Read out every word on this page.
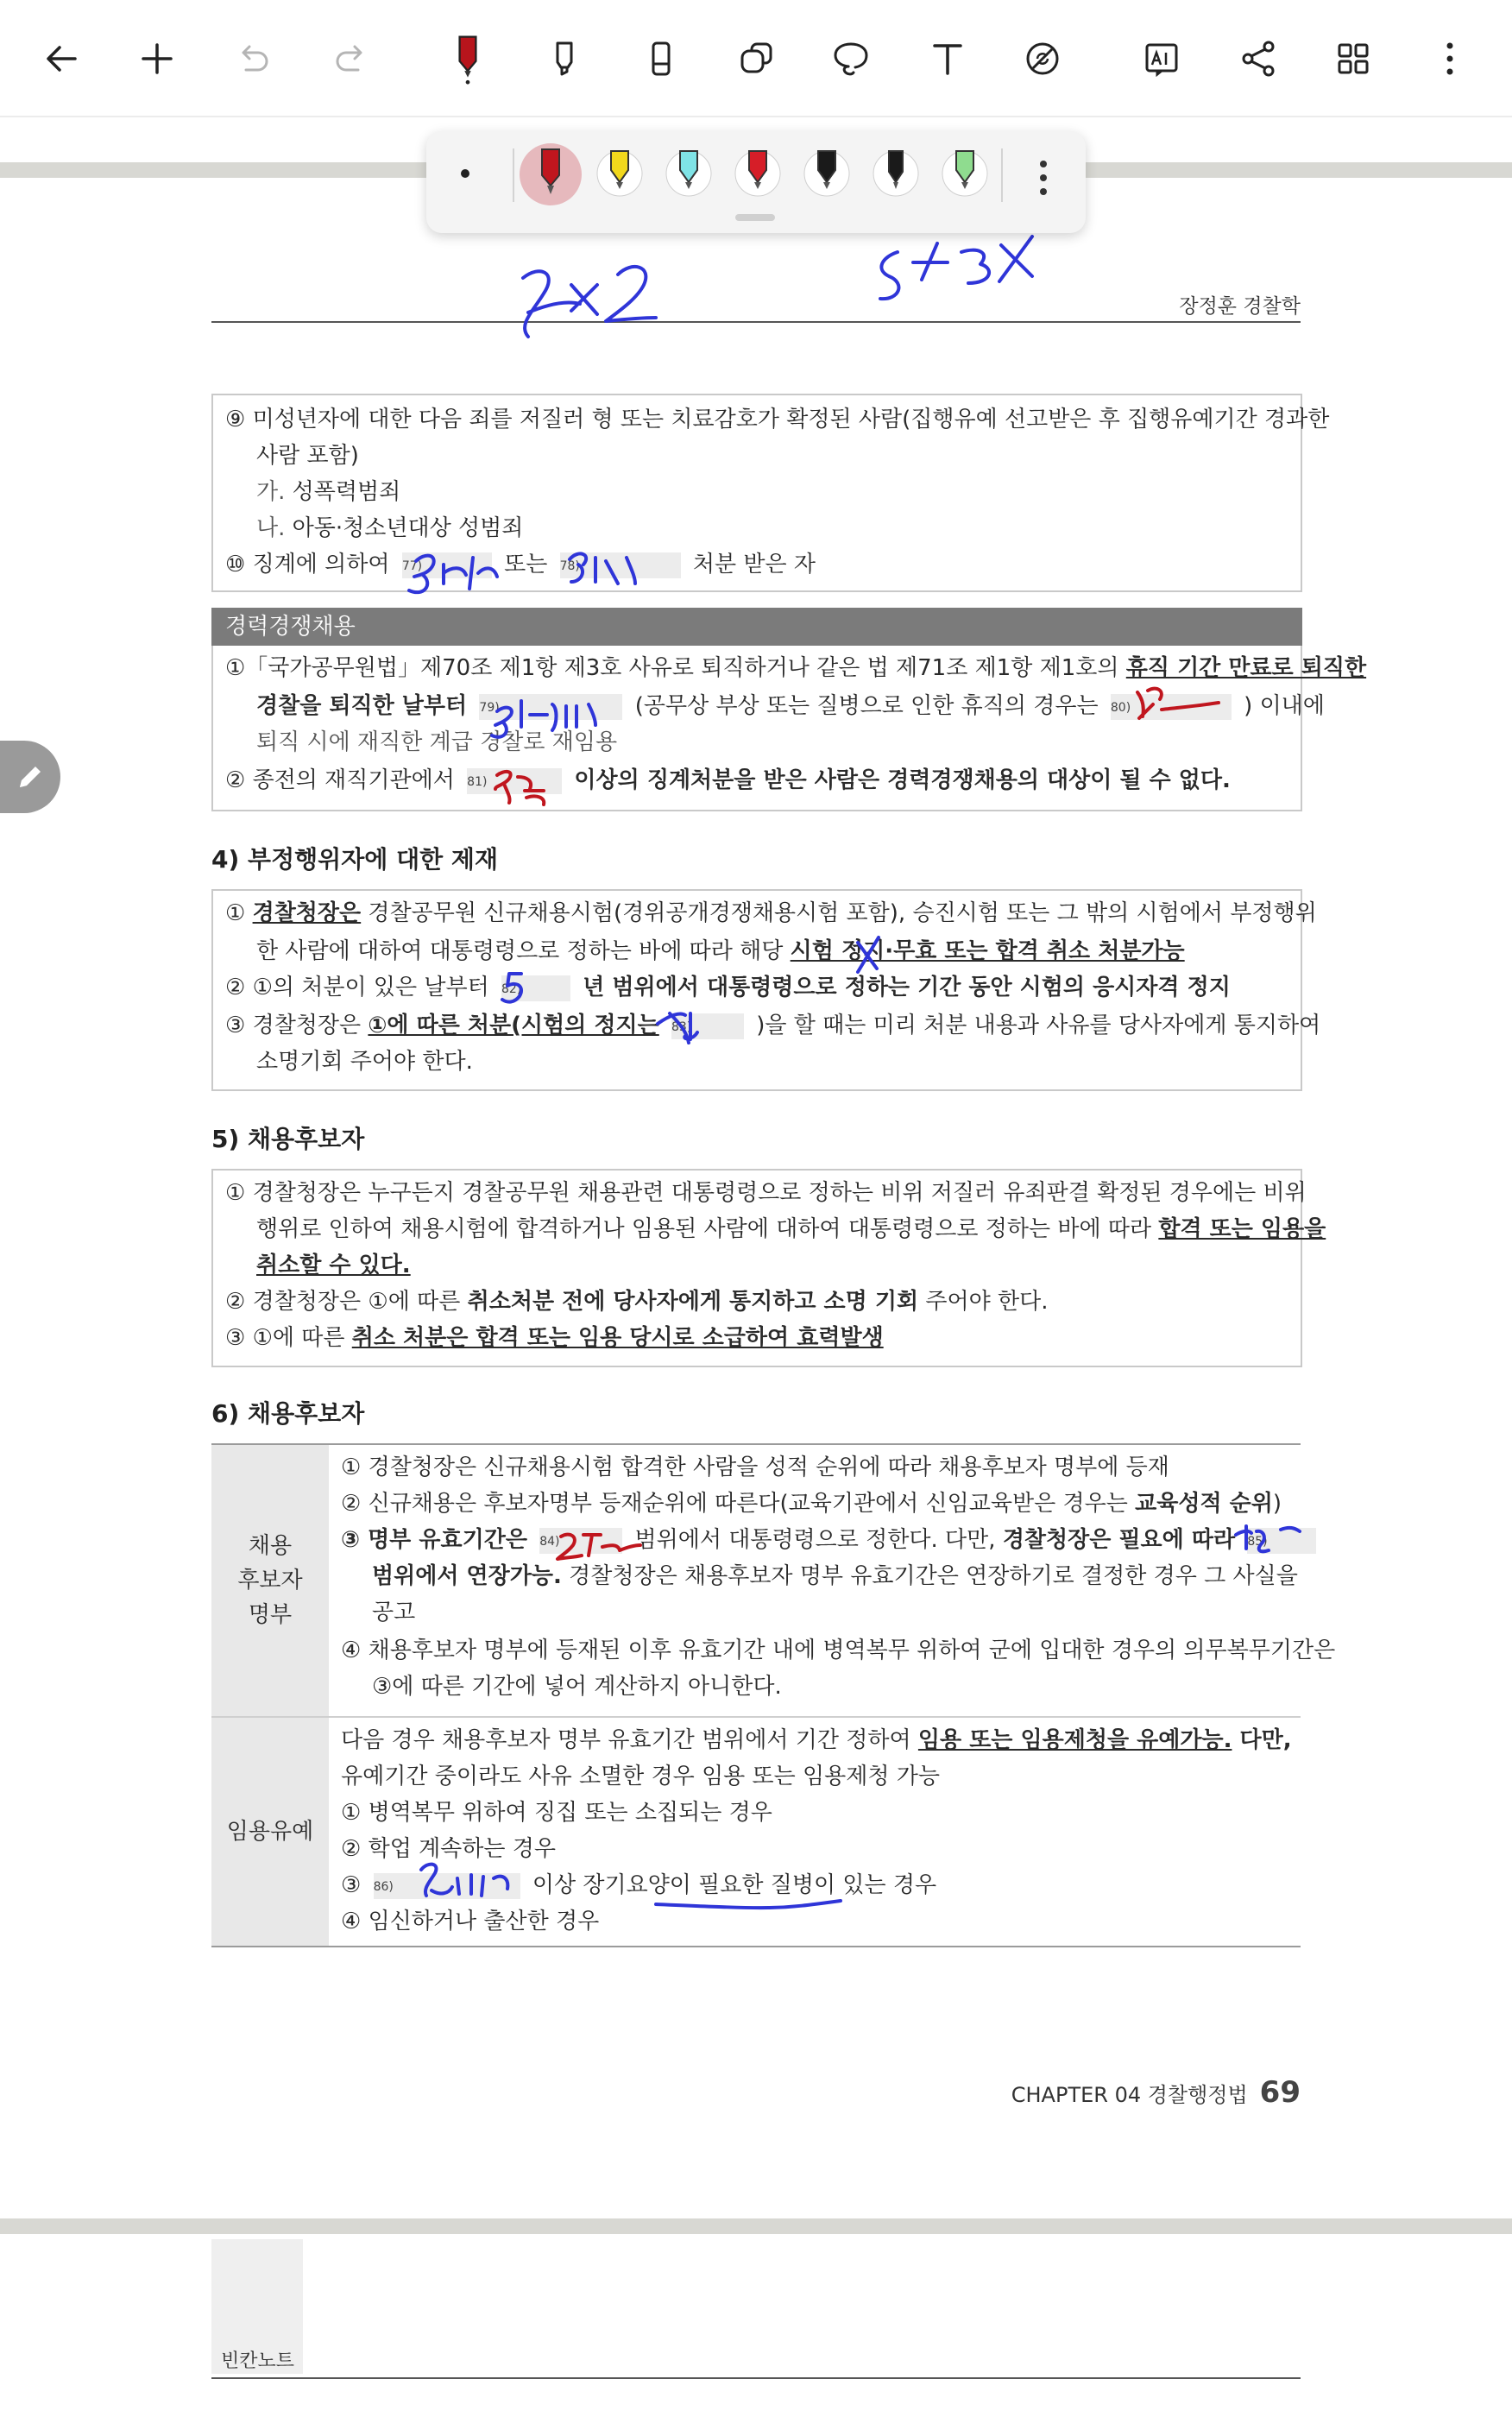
장정훈 경찰학
⑨ 미성년자에 대한 다음 죄를 저질러 형 또는 치료감호가 확정된 사람(집행유예 선고받은 후 집행유예기간 경과한
사람 포함)
가. 성폭력범죄
나. 아동·청소년대상 성범죄
⑩ 징계에 의하여 $^{77)}$	또는 $^{78)}$	처분 받은 자
경력경쟁채용
①「국가공무원법」제70조 제1항 제3호 사유로 퇴직하거나 같은 법 제71조 제1항 제1호의 휴직 기간 만료로 퇴직한
경찰을 퇴직한 날부터 $^{79)}$	(공무상 부상 또는 질병으로 인한 휴직의 경우는 $^{80)}$	) 이내에
퇴직 시에 재직한 계급 경찰로 재임용
② 종전의 재직기관에서 $^{81)}$	이상의 징계처분을 받은 사람은 경력경쟁채용의 대상이 될 수 없다.
4) 부정행위자에 대한 제재
① 경찰청장은 경찰공무원 신규채용시험(경위공개경쟁채용시험 포함), 승진시험 또는 그 밖의 시험에서 부정행위
한 사람에 대하여 대통령령으로 정하는 바에 따라 해당 시험 정지·무효 또는 합격 취소 처분가능
② ①의 처분이 있은 날부터 $^{82)}$	년 범위에서 대통령령으로 정하는 기간 동안 시험의 응시자격 정지
③ 경찰청장은 ①에 따른 처분(시험의 정지는 $^{83)}$	)을 할 때는 미리 처분 내용과 사유를 당사자에게 통지하여
소명기회 주어야 한다.
5) 채용후보자
① 경찰청장은 누구든지 경찰공무원 채용관련 대통령령으로 정하는 비위 저질러 유죄판결 확정된 경우에는 비위
행위로 인하여 채용시험에 합격하거나 임용된 사람에 대하여 대통령령으로 정하는 바에 따라 합격 또는 임용을
취소할 수 있다.
② 경찰청장은 ①에 따른 취소처분 전에 당사자에게 통지하고 소명 기회 주어야 한다.
③ ①에 따른 취소 처분은 합격 또는 임용 당시로 소급하여 효력발생
6) 채용후보자
채용
후보자
명부
① 경찰청장은 신규채용시험 합격한 사람을 성적 순위에 따라 채용후보자 명부에 등재
② 신규채용은 후보자명부 등재순위에 따른다(교육기관에서 신임교육받은 경우는 교육성적 순위)
③ 명부 유효기간은 $^{84)}$	범위에서 대통령령으로 정한다. 다만, 경찰청장은 필요에 따라 $^{85)}$
범위에서 연장가능. 경찰청장은 채용후보자 명부 유효기간은 연장하기로 결정한 경우 그 사실을
공고
④ 채용후보자 명부에 등재된 이후 유효기간 내에 병역복무 위하여 군에 입대한 경우의 의무복무기간은
③에 따른 기간에 넣어 계산하지 아니한다.
임용유예
다음 경우 채용후보자 명부 유효기간 범위에서 기간 정하여 임용 또는 임용제청을 유예가능. 다만,
유예기간 중이라도 사유 소멸한 경우 임용 또는 임용제청 가능
① 병역복무 위하여 징집 또는 소집되는 경우
② 학업 계속하는 경우
③ $^{86)}$	이상 장기요양이 필요한 질병이 있는 경우
④ 임신하거나 출산한 경우
CHAPTER 04 경찰행정법 69
빈칸노트
